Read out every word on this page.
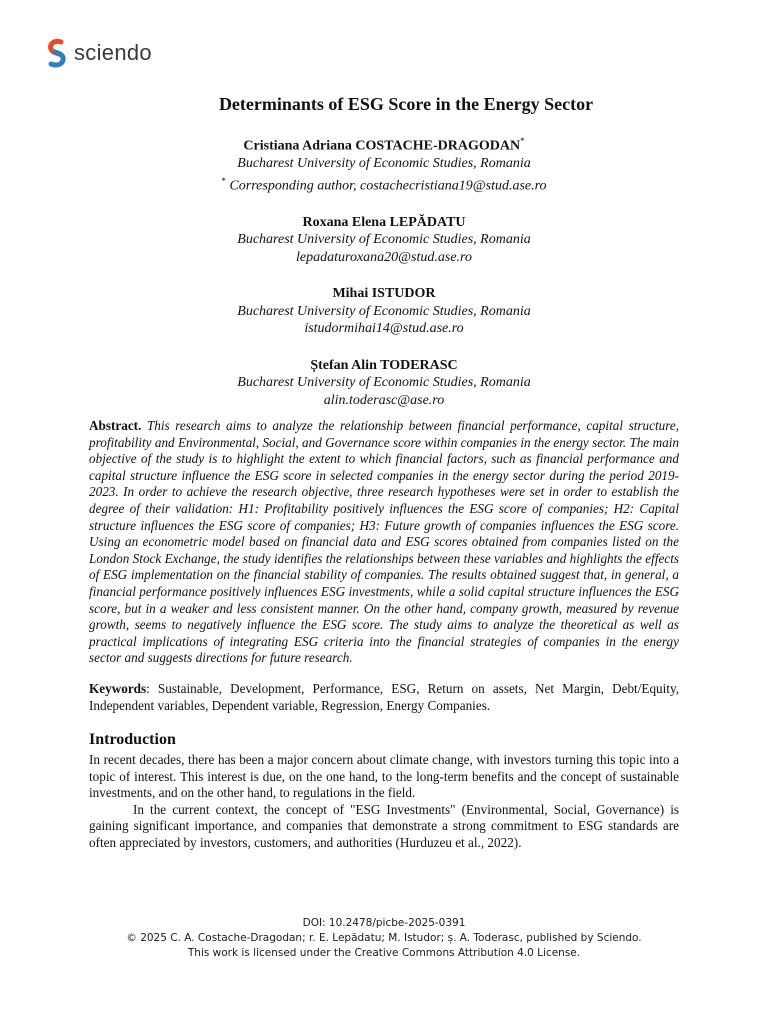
sciendo
Determinants of ESG Score in the Energy Sector
Cristiana Adriana COSTACHE-DRAGODAN*
Bucharest University of Economic Studies, Romania
* Corresponding author, costachecristiana19@stud.ase.ro
Roxana Elena LEPĂDATU
Bucharest University of Economic Studies, Romania
lepadaturoxana20@stud.ase.ro
Mihai ISTUDOR
Bucharest University of Economic Studies, Romania
istudormihai14@stud.ase.ro
Ștefan Alin TODERASC
Bucharest University of Economic Studies, Romania
alin.toderasc@ase.ro
Abstract. This research aims to analyze the relationship between financial performance, capital structure, profitability and Environmental, Social, and Governance score within companies in the energy sector. The main objective of the study is to highlight the extent to which financial factors, such as financial performance and capital structure influence the ESG score in selected companies in the energy sector during the period 2019-2023. In order to achieve the research objective, three research hypotheses were set in order to establish the degree of their validation: H1: Profitability positively influences the ESG score of companies; H2: Capital structure influences the ESG score of companies; H3: Future growth of companies influences the ESG score. Using an econometric model based on financial data and ESG scores obtained from companies listed on the London Stock Exchange, the study identifies the relationships between these variables and highlights the effects of ESG implementation on the financial stability of companies. The results obtained suggest that, in general, a financial performance positively influences ESG investments, while a solid capital structure influences the ESG score, but in a weaker and less consistent manner. On the other hand, company growth, measured by revenue growth, seems to negatively influence the ESG score. The study aims to analyze the theoretical as well as practical implications of integrating ESG criteria into the financial strategies of companies in the energy sector and suggests directions for future research.
Keywords: Sustainable, Development, Performance, ESG, Return on assets, Net Margin, Debt/Equity, Independent variables, Dependent variable, Regression, Energy Companies.
Introduction

In recent decades, there has been a major concern about climate change, with investors turning this topic into a topic of interest. This interest is due, on the one hand, to the long-term benefits and the concept of sustainable investments, and on the other hand, to regulations in the field.

In the current context, the concept of "ESG Investments" (Environmental, Social, Governance) is gaining significant importance, and companies that demonstrate a strong commitment to ESG standards are often appreciated by investors, customers, and authorities (Hurduzeu et al., 2022).

DOI: 10.2478/picbe-2025-0391
© 2025 C. A. Costache-Dragodan; r. E. Lepădatu; M. Istudor; ș. A. Toderasc, published by Sciendo.
This work is licensed under the Creative Commons Attribution 4.0 License.
